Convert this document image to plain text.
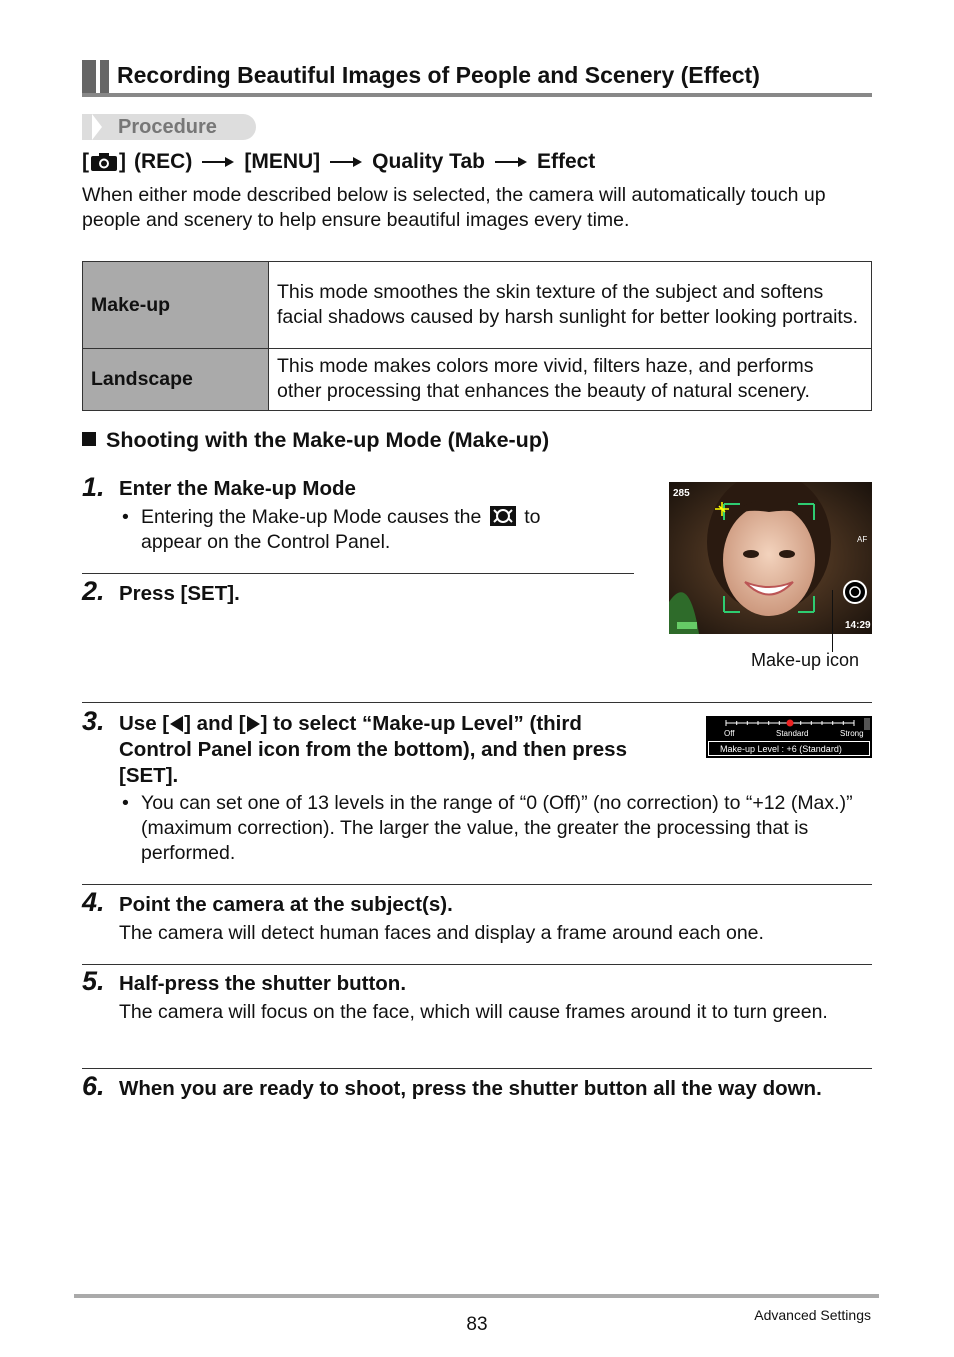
Recording Beautiful Images of People and Scenery (Effect)
Procedure
[ ] (REC) [MENU] Quality Tab Effect
When either mode described below is selected, the camera will automatically touch up people and scenery to help ensure beautiful images every time.
Make-up	This mode smoothes the skin texture of the subject and softens facial shadows caused by harsh sunlight for better looking portraits.
Landscape	This mode makes colors more vivid, filters haze, and performs other processing that enhances the beauty of natural scenery.
Shooting with the Make-up Mode (Make-up)
1. Enter the Make-up Mode
• Entering the Make-up Mode causes the to
appear on the Control Panel.
285
14:29
AF
Make-up icon
2. Press [SET].
3. Use [ ] and [ ] to select “Make-up Level” (third
Control Panel icon from the bottom), and then press
[SET].
Off	Standard	Strong
Make-up Level : +6 (Standard)
• You can set one of 13 levels in the range of “0 (Off)” (no correction) to “+12 (Max.)” (maximum correction). The larger the value, the greater the processing that is performed.
4. Point the camera at the subject(s).
The camera will detect human faces and display a frame around each one.
5. Half-press the shutter button.
The camera will focus on the face, which will cause frames around it to turn green.
6. When you are ready to shoot, press the shutter button all the way down.
83	Advanced Settings
